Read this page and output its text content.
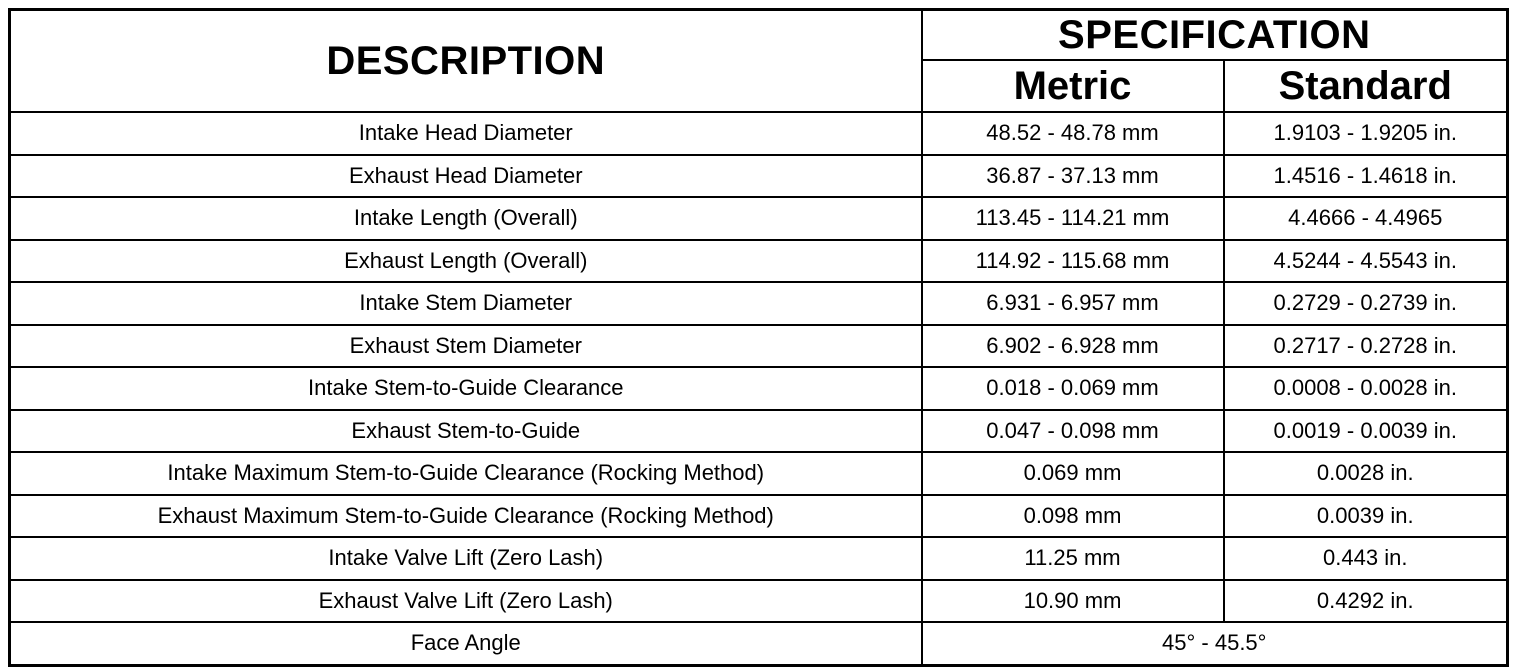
DESCRIPTION	SPECIFICATION	
	Metric	Standard
Intake Head Diameter	48.52 - 48.78 mm	1.9103 - 1.9205 in.
Exhaust Head Diameter	36.87 - 37.13 mm	1.4516 - 1.4618 in.
Intake Length (Overall)	113.45 - 114.21 mm	4.4666 - 4.4965
Exhaust Length (Overall)	114.92 - 115.68 mm	4.5244 - 4.5543 in.
Intake Stem Diameter	6.931 - 6.957 mm	0.2729 - 0.2739 in.
Exhaust Stem Diameter	6.902 - 6.928 mm	0.2717 - 0.2728 in.
Intake Stem-to-Guide Clearance	0.018 - 0.069 mm	0.0008 - 0.0028 in.
Exhaust Stem-to-Guide	0.047 - 0.098 mm	0.0019 - 0.0039 in.
Intake Maximum Stem-to-Guide Clearance (Rocking Method)	0.069 mm	0.0028 in.
Exhaust Maximum Stem-to-Guide Clearance (Rocking Method)	0.098 mm	0.0039 in.
Intake Valve Lift (Zero Lash)	11.25 mm	0.443 in.
Exhaust Valve Lift (Zero Lash)	10.90 mm	0.4292 in.
Face Angle	45° - 45.5°	
